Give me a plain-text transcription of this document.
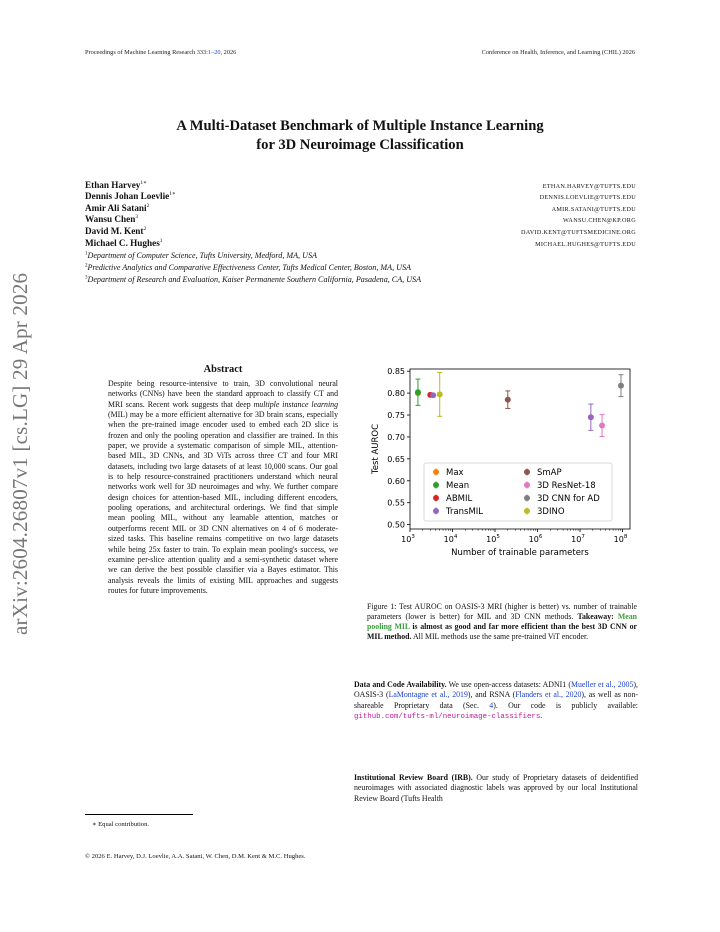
Proceedings of Machine Learning Research 333:1–20, 2026	Conference on Health, Inference, and Learning (CHIL) 2026
arXiv:2604.26807v1 [cs.LG] 29 Apr 2026
A Multi-Dataset Benchmark of Multiple Instance Learning
for 3D Neuroimage Classification
Ethan Harvey$^{1∗}$
ETHAN.HARVEY@TUFTS.EDU
Dennis Johan Loevlie$^{1∗}$
DENNIS.LOEVLIE@TUFTS.EDU
Amir Ali Satani$^2$
AMIR.SATANI@TUFTS.EDU
Wansu Chen$^3$
WANSU.CHEN@KP.ORG
David M. Kent$^2$
DAVID.KENT@TUFTSMEDICINE.ORG
Michael C. Hughes$^1$
MICHAEL.HUGHES@TUFTS.EDU
$^1$Department of Computer Science, Tufts University, Medford, MA, USA
$^2$Predictive Analytics and Comparative Effectiveness Center, Tufts Medical Center, Boston, MA, USA
$^3$Department of Research and Evaluation, Kaiser Permanente Southern California, Pasadena, CA, USA
Abstract
Despite being resource-intensive to train, 3D convolutional neural networks (CNNs) have been the standard approach to classify CT and MRI scans. Recent work suggests that deep multiple instance learning (MIL) may be a more efficient alternative for 3D brain scans, especially when the pre-trained image encoder used to embed each 2D slice is frozen and only the pooling operation and classifier are trained. In this paper, we provide a systematic comparison of simple MIL, attention-based MIL, 3D CNNs, and 3D ViTs across three CT and four MRI datasets, including two large datasets of at least 10,000 scans. Our goal is to help resource-constrained practitioners understand which neural networks work well for 3D neuroimages and why. We further compare design choices for attention-based MIL, including different encoders, pooling operations, and architectural orderings. We find that simple mean pooling MIL, without any learnable attention, matches or outperforms recent MIL or 3D CNN alternatives on 4 of 6 moderate-sized tasks. This baseline remains competitive on two large datasets while being 25x faster to train. To explain mean pooling's success, we examine per-slice attention quality and a semi-synthetic dataset where we can derive the best possible classifier via a Bayes estimator. This analysis reveals the limits of existing MIL approaches and suggests routes for future improvements.
∗ Equal contribution.
© 2026 E. Harvey, D.J. Loevlie, A.A. Satani, W. Chen, D.M. Kent & M.C. Hughes.
0.50
0.55
0.60
0.65
0.70
0.75
0.80
0.85
$10^3$	$10^4$	$10^5$	$10^6$	$10^7$	$10^8$
Test AUROC
Number of trainable parameters
Max
Mean
ABMIL
TransMIL
SmAP
3D ResNet-18
3D CNN for AD
3DINO
Figure 1: Test AUROC on OASIS-3 MRI (higher is better) vs. number of trainable parameters (lower is better) for MIL and 3D CNN methods. Takeaway: Mean pooling MIL is almost as good and far more efficient than the best 3D CNN or MIL method. All MIL methods use the same pre-trained ViT encoder.
Data and Code Availability. We use open-access datasets: ADNI1 (Mueller et al., 2005), OASIS-3 (LaMontagne et al., 2019), and RSNA (Flanders et al., 2020), as well as non-shareable Proprietary data (Sec. 4). Our code is publicly available: github.com/tufts-ml/neuroimage-classifiers.
Institutional Review Board (IRB). Our study of Proprietary datasets of deidentified neuroimages with associated diagnostic labels was approved by our local Institutional Review Board (Tufts Health
